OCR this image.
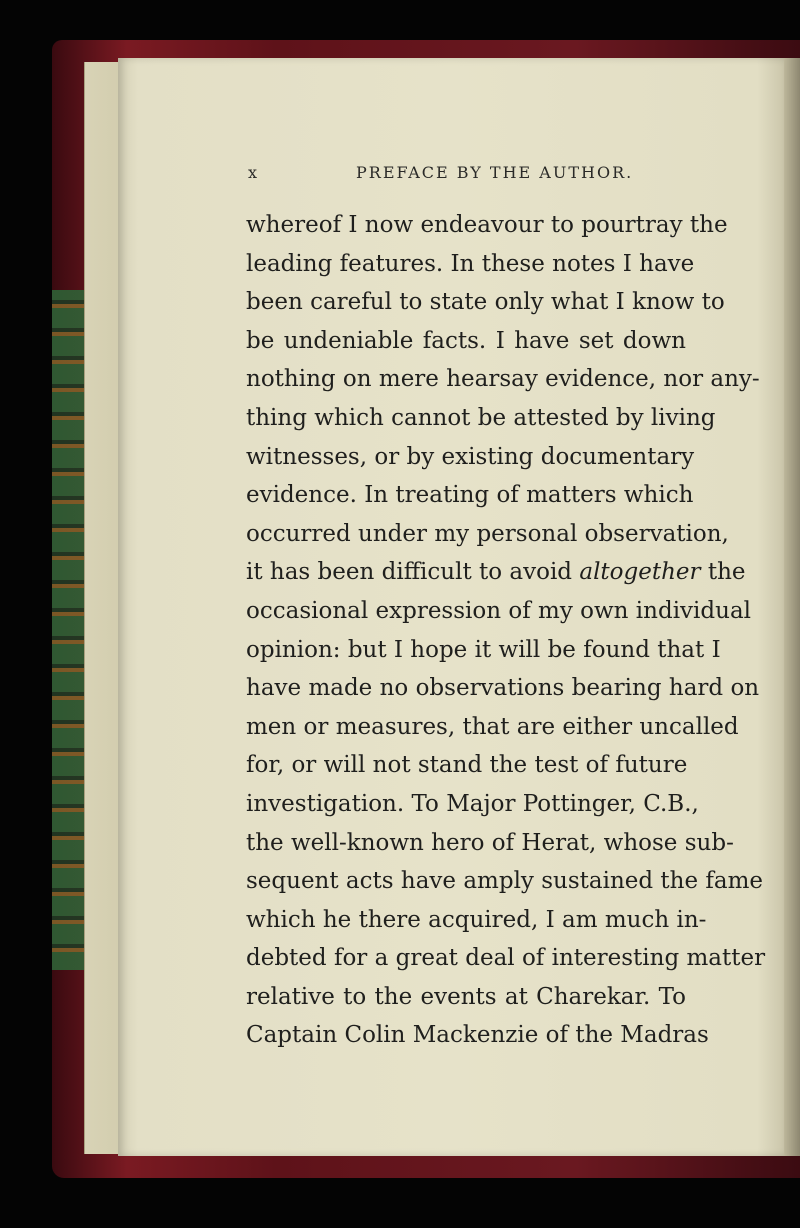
x	PREFACE BY THE AUTHOR.
whereof I now endeavour to pourtray the
leading features. In these notes I have
been careful to state only what I know to
be undeniable facts. I have set down
nothing on mere hearsay evidence, nor any-
thing which cannot be attested by living
witnesses, or by existing documentary
evidence. In treating of matters which
occurred under my personal observation,
it has been difficult to avoid altogether the
occasional expression of my own individual
opinion: but I hope it will be found that I
have made no observations bearing hard on
men or measures, that are either uncalled
for, or will not stand the test of future
investigation. To Major Pottinger, C.B.,
the well-known hero of Herat, whose sub-
sequent acts have amply sustained the fame
which he there acquired, I am much in-
debted for a great deal of interesting matter
relative to the events at Charekar. To
Captain Colin Mackenzie of the Madras
